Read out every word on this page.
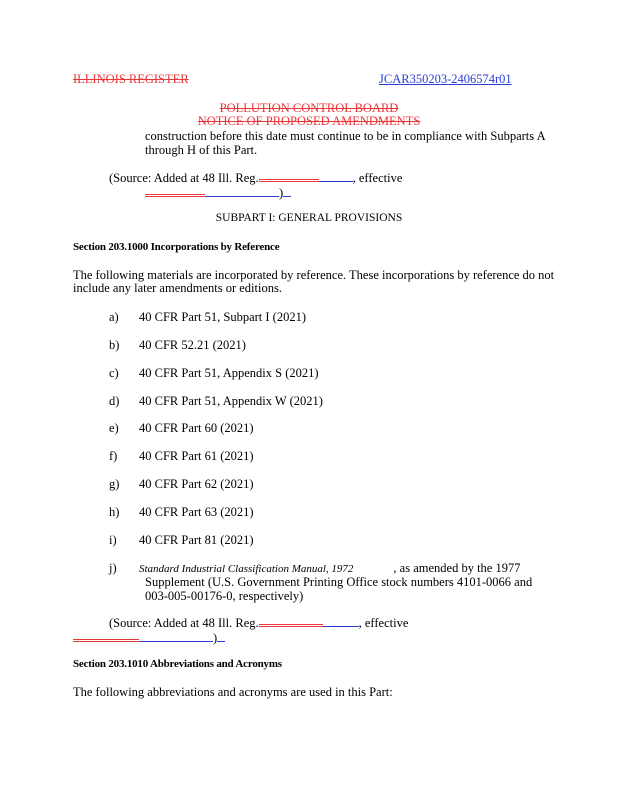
ILLINOIS REGISTER	JCAR350203-2406574r01
POLLUTION CONTROL BOARD
NOTICE OF PROPOSED AMENDMENTS
construction before this date must continue to be in compliance with Subparts A
through H of this Part.
(Source: Added at 48 Ill. Reg.	, effective
)
SUBPART I: GENERAL PROVISIONS
Section 203.1000 Incorporations by Reference
The following materials are incorporated by reference. These incorporations by reference do not
include any later amendments or editions.
a) 40 CFR Part 51, Subpart I (2021)
b) 40 CFR 52.21 (2021)
c) 40 CFR Part 51, Appendix S (2021)
d) 40 CFR Part 51, Appendix W (2021)
e) 40 CFR Part 60 (2021)
f) 40 CFR Part 61 (2021)
g) 40 CFR Part 62 (2021)
h) 40 CFR Part 63 (2021)
i) 40 CFR Part 81 (2021)
j) Standard Industrial Classification Manual, 1972	, as amended by the 1977
Supplement (U.S. Government Printing Office stock numbers 4101-0066 and
003-005-00176-0, respectively)
(Source: Added at 48 Ill. Reg.	, effective
)
Section 203.1010 Abbreviations and Acronyms
The following abbreviations and acronyms are used in this Part:
